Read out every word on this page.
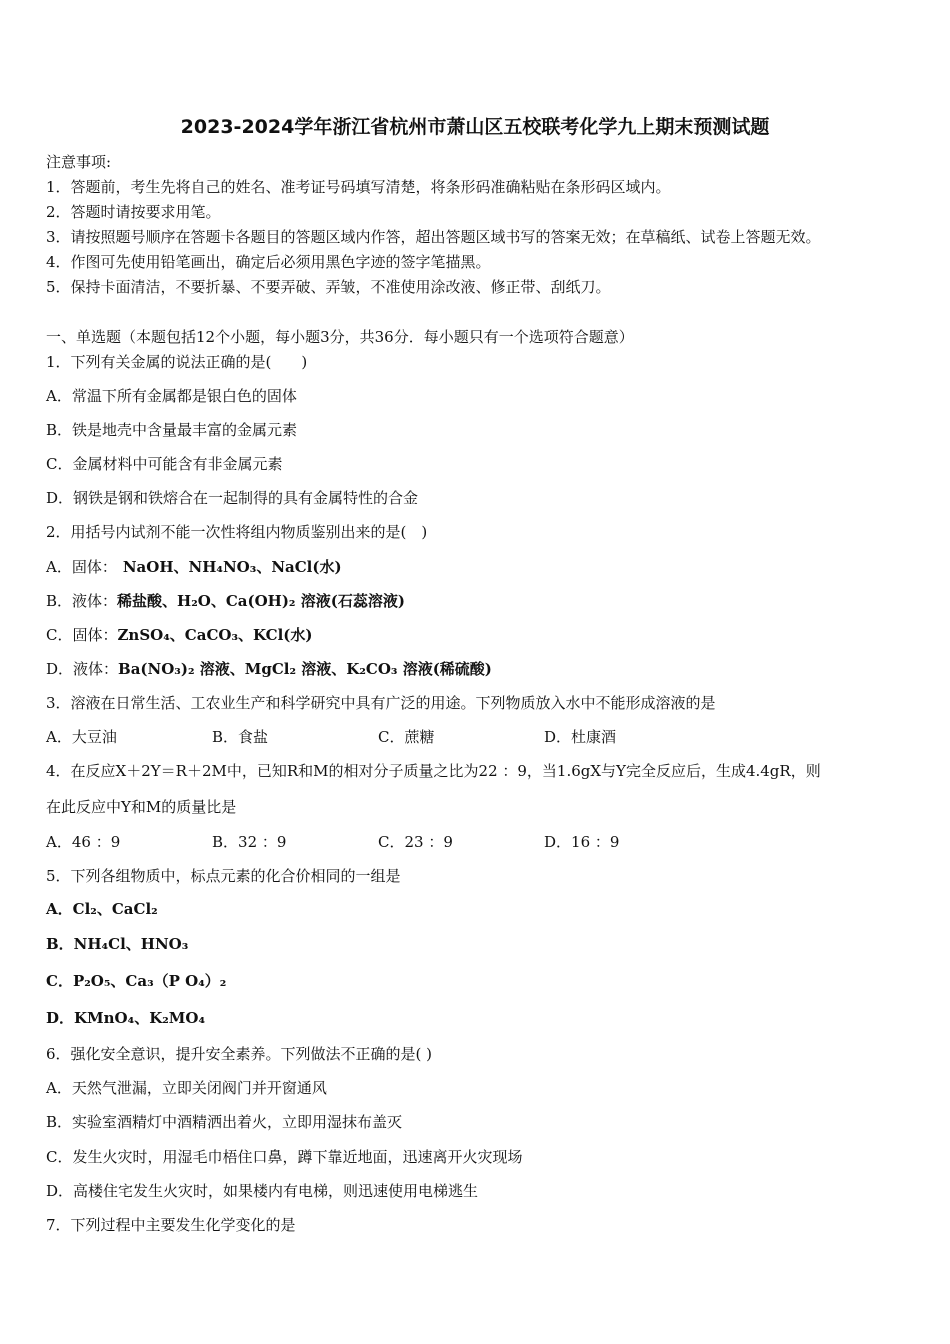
2023-2024学年浙江省杭州市萧山区五校联考化学九上期末预测试题
注意事项:
1．答题前，考生先将自己的姓名、准考证号码填写清楚，将条形码准确粘贴在条形码区域内。
2．答题时请按要求用笔。
3．请按照题号顺序在答题卡各题目的答题区域内作答，超出答题区域书写的答案无效；在草稿纸、试卷上答题无效。
4．作图可先使用铅笔画出，确定后必须用黑色字迹的签字笔描黑。
5．保持卡面清洁，不要折暴、不要弄破、弄皱，不准使用涂改液、修正带、刮纸刀。
一、单选题（本题包括12个小题，每小题3分，共36分．每小题只有一个选项符合题意）
1．下列有关金属的说法正确的是(　　)
A．常温下所有金属都是银白色的固体
B．铁是地壳中含量最丰富的金属元素
C．金属材料中可能含有非金属元素
D．钢铁是钢和铁熔合在一起制得的具有金属特性的合金
2．用括号内试剂不能一次性将组内物质鉴别出来的是(　)
A．固体： NaOH、NH₄NO₃、NaCl(水)
B．液体：稀盐酸、H₂O、Ca(OH)₂ 溶液(石蕊溶液)
C．固体：ZnSO₄、CaCO₃、KCl(水)
D．液体：Ba(NO₃)₂ 溶液、MgCl₂ 溶液、K₂CO₃ 溶液(稀硫酸)
3．溶液在日常生活、工农业生产和科学研究中具有广泛的用途。下列物质放入水中不能形成溶液的是
A．大豆油	B．食盐	C．蔗糖	D．杜康酒
4．在反应X＋2Y＝R＋2M中，已知R和M的相对分子质量之比为22 ：9，当1.6gX与Y完全反应后，生成4.4gR，则
在此反应中Y和M的质量比是
A．46 ：9	B．32 ：9	C．23 ：9	D．16 ：9
5．下列各组物质中，标点元素的化合价相同的一组是
A．Cl₂、CaCl₂
B．NH₄Cl、HNO₃
C．P₂O₅、Ca₃（P O₄）₂
D．KMnO₄、K₂MO₄
6．强化安全意识，提升安全素养。下列做法不正确的是( )
A．天然气泄漏，立即关闭阀门并开窗通风
B．实验室酒精灯中酒精洒出着火，立即用湿抹布盖灭
C．发生火灾时，用湿毛巾梧住口鼻，蹲下靠近地面，迅速离开火灾现场
D．高楼住宅发生火灾时，如果楼内有电梯，则迅速使用电梯逃生
7．下列过程中主要发生化学变化的是
